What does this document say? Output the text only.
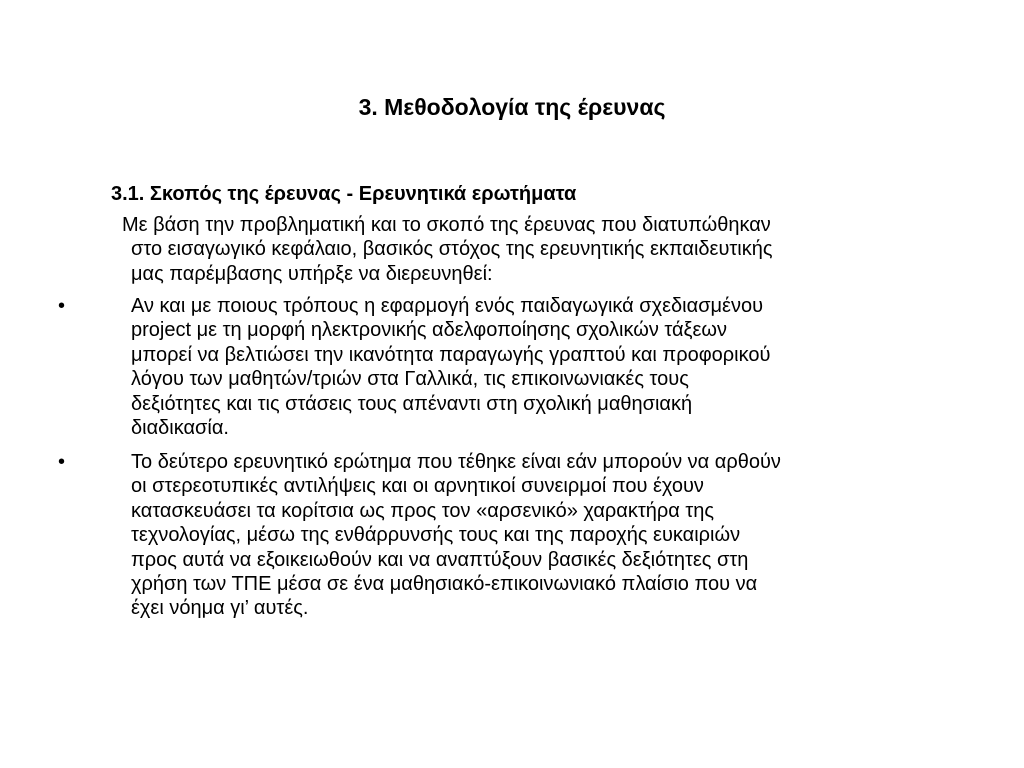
3. Μεθοδολογία της έρευνας
3.1. Σκοπός της έρευνας - Ερευνητικά ερωτήματα
Με βάση την προβληματική και το σκοπό της έρευνας που διατυπώθηκαν
στο εισαγωγικό κεφάλαιο, βασικός στόχος της ερευνητικής εκπαιδευτικής
μας παρέμβασης υπήρξε να διερευνηθεί:
•	Αν και με ποιους τρόπους η εφαρμογή ενός παιδαγωγικά σχεδιασμένου
project με τη μορφή ηλεκτρονικής αδελφοποίησης σχολικών τάξεων
μπορεί να βελτιώσει την ικανότητα παραγωγής γραπτού και προφορικού
λόγου των μαθητών/τριών στα Γαλλικά, τις επικοινωνιακές τους
δεξιότητες και τις στάσεις τους απέναντι στη σχολική μαθησιακή
διαδικασία.
•	Το δεύτερο ερευνητικό ερώτημα που τέθηκε είναι εάν μπορούν να αρθούν
οι στερεοτυπικές αντιλήψεις και οι αρνητικοί συνειρμοί που έχουν
κατασκευάσει τα κορίτσια ως προς τον «αρσενικό» χαρακτήρα της
τεχνολογίας, μέσω της ενθάρρυνσής τους και της παροχής ευκαιριών
προς αυτά να εξοικειωθούν και να αναπτύξουν βασικές δεξιότητες στη
χρήση των ΤΠΕ μέσα σε ένα μαθησιακό-επικοινωνιακό πλαίσιο που να
έχει νόημα γι’ αυτές.
